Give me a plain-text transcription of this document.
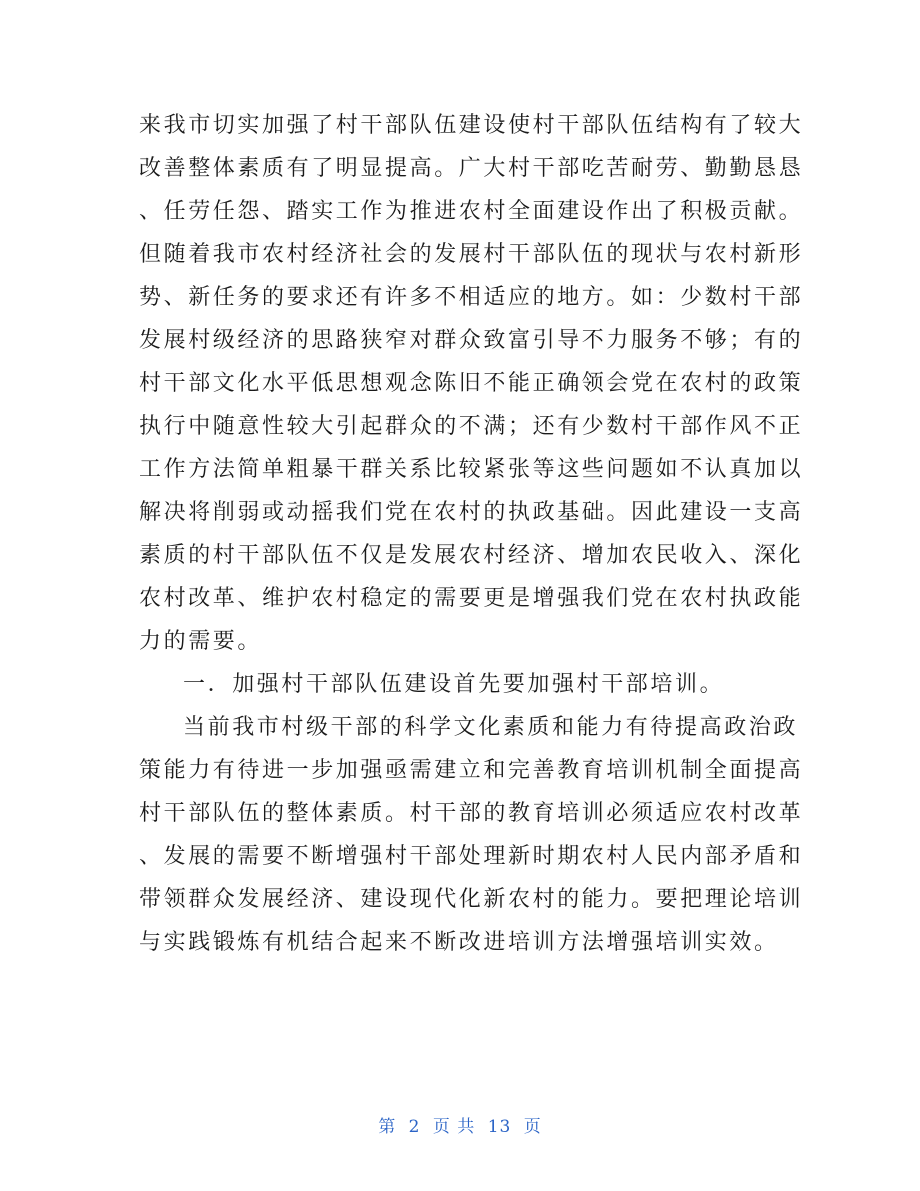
来我市切实加强了村干部队伍建设使村干部队伍结构有了较大
改善整体素质有了明显提高。广大村干部吃苦耐劳、勤勤恳恳
、任劳任怨、踏实工作为推进农村全面建设作出了积极贡献。
但随着我市农村经济社会的发展村干部队伍的现状与农村新形
势、新任务的要求还有许多不相适应的地方。如：少数村干部
发展村级经济的思路狭窄对群众致富引导不力服务不够；有的
村干部文化水平低思想观念陈旧不能正确领会党在农村的政策
执行中随意性较大引起群众的不满；还有少数村干部作风不正
工作方法简单粗暴干群关系比较紧张等这些问题如不认真加以
解决将削弱或动摇我们党在农村的执政基础。因此建设一支高
素质的村干部队伍不仅是发展农村经济、增加农民收入、深化
农村改革、维护农村稳定的需要更是增强我们党在农村执政能
力的需要。
一．加强村干部队伍建设首先要加强村干部培训。
当前我市村级干部的科学文化素质和能力有待提高政治政
策能力有待进一步加强亟需建立和完善教育培训机制全面提高
村干部队伍的整体素质。村干部的教育培训必须适应农村改革
、发展的需要不断增强村干部处理新时期农村人民内部矛盾和
带领群众发展经济、建设现代化新农村的能力。要把理论培训
与实践锻炼有机结合起来不断改进培训方法增强培训实效。
第 2 页 共 13 页
